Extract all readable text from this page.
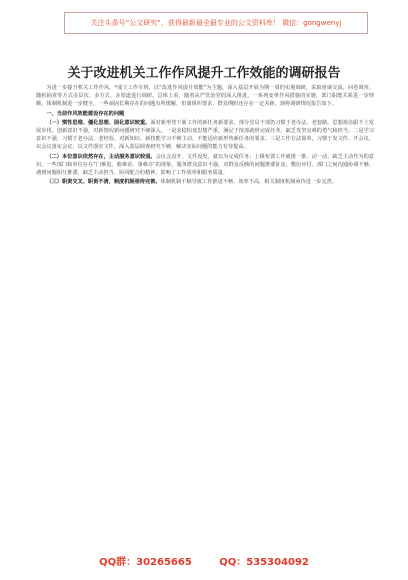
关注头条号“公文研究”，获得最新最全最专业的公文资料库！ 微信：gongwenyj
关于改进机关工作作风提升工作效能的调研报告

为进一步提升机关工作作风，*成立工作专班，以“改进作风提升效能”为主题，深入基层开展为期一周的实地调研，采取座谈交流、问卷调查、随机抽查等方式多层次、多方式、多渠道进行调研。总体上看，随着从严管治党的深入推进，一系列变革作风措施的实施，部门职能关系进一步理顺，体制机制进一步健全，一些顽固长期存在的问题有所缓解，但离组织要求、群众期盼还存在一定差距。现将调研情况报告如下。

一、当前作风效能建设存在的问题

（一）惯性思维、僵化思想、固化意识较重。面对新形势下新工作的新任务新要求，部分党员干部仍习惯于老办法、老套路，思想观念跟不上发展步伐，创新意识不强，对新情况新问题研究不够深入。一是求稳怕变思想严重，满足于按部就班完成任务，缺乏攻坚克难的勇气和担当。二是学习意识不强，习惯于老办法、老经验，对新知识、新技能学习不够主动，不能适应新形势新任务的要求。三是工作方法简单，习惯于发文件、开会议，以会议落实会议、以文件落实文件，深入基层调查研究不够，解决实际问题的能力有待提高。

（二）本位意识依然存在，主动服务意识较弱。会议会没开，文件没发，就以为完成任务；上级布置工作就推一推、动一动，缺乏主动作为的意识。一些部门和单位存在“门难进、脸难看、事难办”的现象，服务群众意识不强，对群众反映的问题推诿扯皮、敷衍应付。部门之间沟通协调不够，遇到问题相互推诿，缺乏主动担当、协同配合的精神，影响了工作效率和服务质量。

（三）职责交叉、职责不清，制度机制亟待完善。体制机制不顺导致工作推进不畅、效率不高，相关制度机制亟待进一步完善。

QQ群：30265665	QQ：535304092
